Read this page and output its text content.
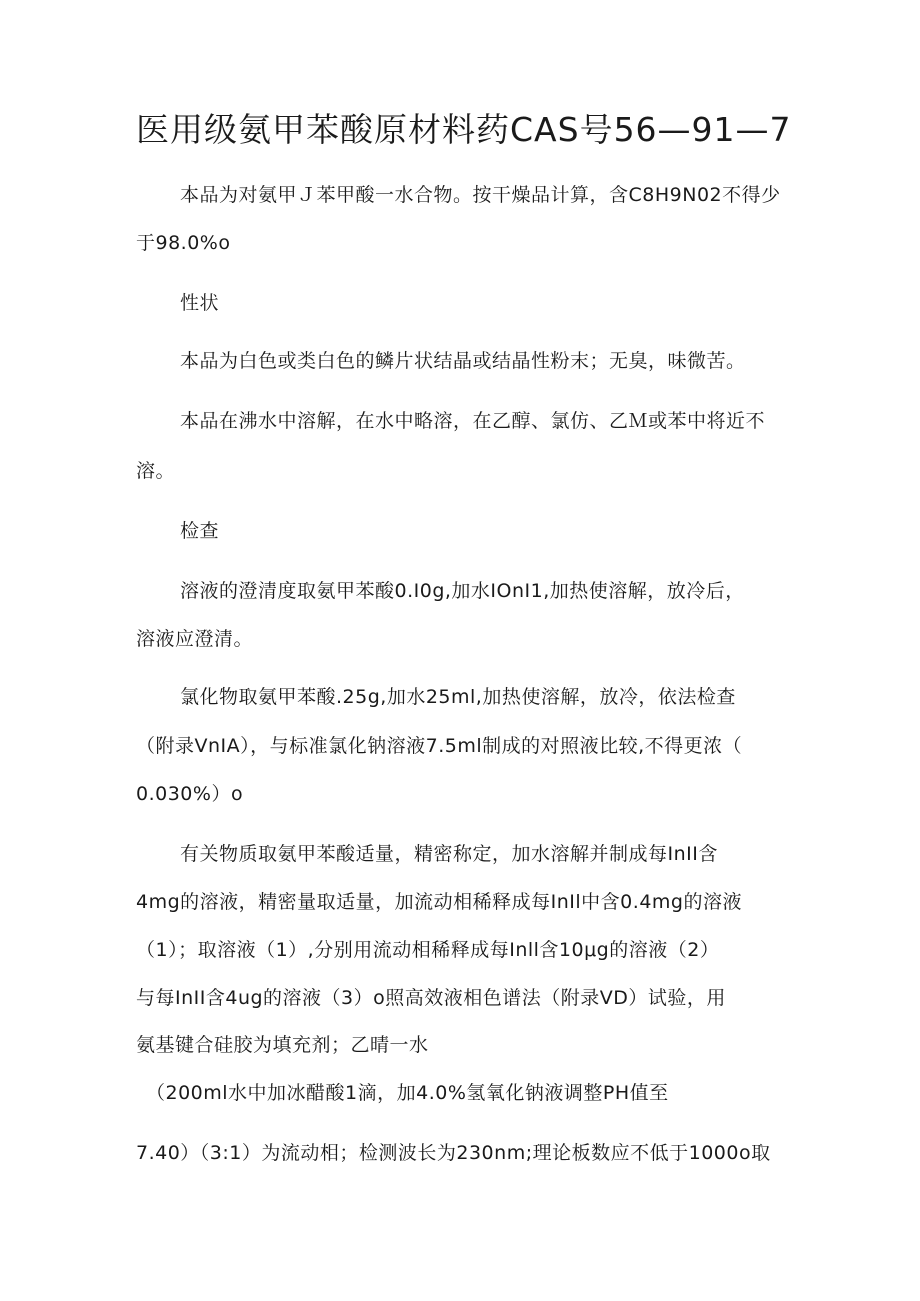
医用级氨甲苯酸原材料药CAS号56—91—7
本品为对氨甲Ｊ苯甲酸一水合物。按干燥品计算，含C8H9N02不得少
于98.0%o
性状
本品为白色或类白色的鳞片状结晶或结晶性粉末；无臭，味微苦。
本品在沸水中溶解，在水中略溶，在乙醇、氯仿、乙Ｍ或苯中将近不
溶。
检查
溶液的澄清度取氨甲苯酸0.I0g,加水IOnI1,加热使溶解，放冷后，
溶液应澄清。
氯化物取氨甲苯酸.25g,加水25ml,加热使溶解，放冷，依法检查
（附录VnIA），与标准氯化钠溶液7.5ml制成的对照液比较,不得更浓（
0.030%）o
有关物质取氨甲苯酸适量，精密称定，加水溶解并制成每InII含
4mg的溶液，精密量取适量，加流动相稀释成每InIl中含0.4mg的溶液
（1）；取溶液（1）,分别用流动相稀释成每Inll含10μg的溶液（2）
与每InII含4ug的溶液（3）o照高效液相色谱法（附录VD）试验，用
氨基键合硅胶为填充剂；乙晴一水
（200ml水中加冰醋酸1滴，加4.0%氢氧化钠液调整PH值至
7.40）（3:1）为流动相；检测波长为230nm;理论板数应不低于1000o取
